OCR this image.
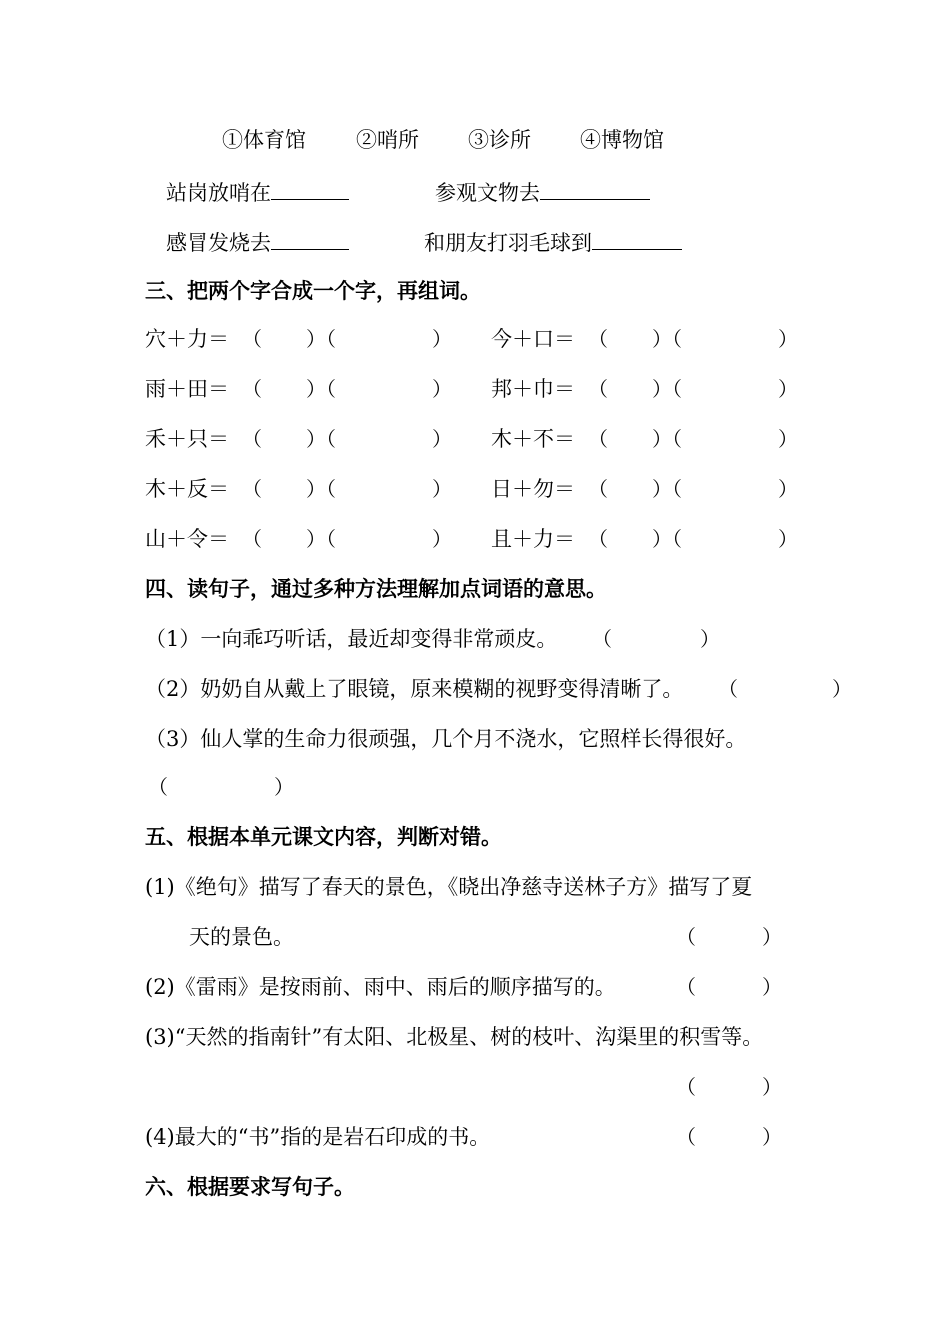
①体育馆 ②哨所 ③诊所 ④博物馆
站岗放哨在	参观文物去
感冒发烧去	和朋友打羽毛球到
三、把两个字合成一个字，再组词。
穴＋力＝ （ ）（	） 今＋口＝ （ ）（	）
雨＋田＝ （ ）（	） 邦＋巾＝ （ ）（	）
禾＋只＝ （ ）（	） 木＋不＝ （ ）（	）
木＋反＝ （ ）（	） 日＋勿＝ （ ）（	）
山＋令＝ （ ）（	） 且＋力＝ （ ）（	）
四、读句子，通过多种方法理解加点词语的意思。
（1）一向乖巧听话，最近却变得非常顽皮。 （	）
（2）奶奶自从戴上了眼镜，原来模糊的视野变得清晰了。 （	）
（3）仙人掌的生命力很顽强，几个月不浇水，它照样长得很好。
（	）
五、根据本单元课文内容，判断对错。
(1)《绝句》描写了春天的景色，《晓出净慈寺送林子方》描写了夏
天的景色。	（	）
(2)《雷雨》是按雨前、雨中、雨后的顺序描写的。	（	）
(3)“天然的指南针”有太阳、北极星、树的枝叶、沟渠里的积雪等。
（	）
(4)最大的“书”指的是岩石印成的书。	（	）
六、根据要求写句子。
